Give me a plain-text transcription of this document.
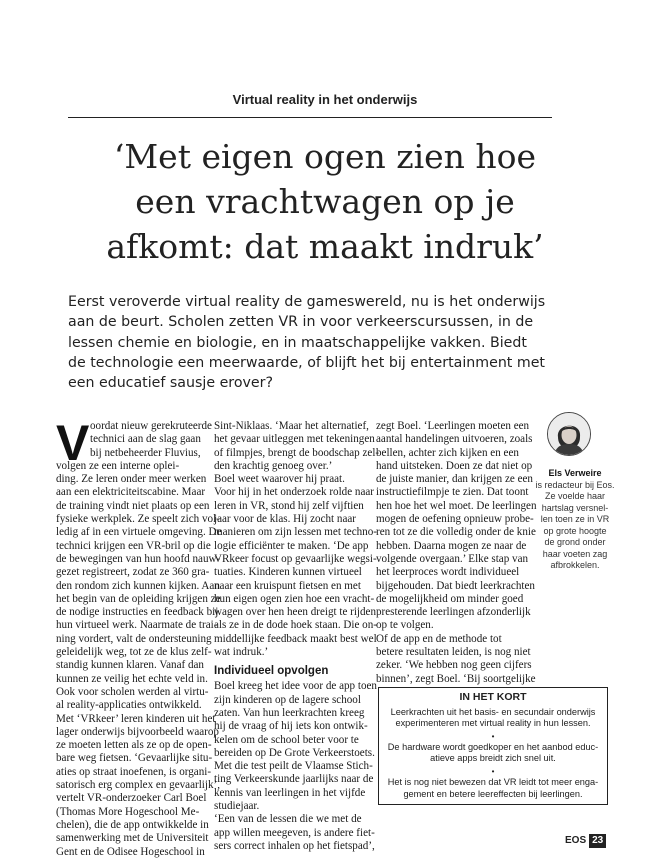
Virtual reality in het onderwijs
‘Met eigen ogen zien hoe
een vrachtwagen op je
afkomt: dat maakt indruk’
Eerst veroverde virtual reality de gameswereld, nu is het onderwijs
aan de beurt. Scholen zetten VR in voor verkeerscursussen, in de
lessen chemie en biologie, en in maatschappelijke vakken. Biedt
de technologie een meerwaarde, of blijft het bij entertainment met
een educatief sausje erover?
V oordat nieuw gerekruteerde
technici aan de slag gaan
bij netbeheerder Fluvius,
volgen ze een interne oplei-
ding. Ze leren onder meer werken
aan een elektriciteitscabine. Maar
de training vindt niet plaats op een
fysieke werkplek. Ze speelt zich vol-
ledig af in een virtuele omgeving. De
technici krijgen een VR-bril op die
de bewegingen van hun hoofd nauw-
gezet registreert, zodat ze 360 gra-
den rondom zich kunnen kijken. Aan
het begin van de opleiding krijgen ze
de nodige instructies en feedback bij
hun virtueel werk. Naarmate de trai-
ning vordert, valt de ondersteuning
geleidelijk weg, tot ze de klus zelf-
standig kunnen klaren. Vanaf dan
kunnen ze veilig het echte veld in.
Ook voor scholen werden al virtu-
al reality-applicaties ontwikkeld.
Met ‘VRkeer’ leren kinderen uit het
lager onderwijs bijvoorbeeld waarop
ze moeten letten als ze op de open-
bare weg fietsen. ‘Gevaarlijke situ-
aties op straat inoefenen, is organi-
satorisch erg complex en gevaarlijk’,
vertelt VR-onderzoeker Carl Boel
(Thomas More Hogeschool Me-
chelen), die de app ontwikkelde in
samenwerking met de Universiteit
Gent en de Odisee Hogeschool in
Sint-Niklaas. ‘Maar het alternatief,
het gevaar uitleggen met tekeningen
of filmpjes, brengt de boodschap zel-
den krachtig genoeg over.’
Boel weet waarover hij praat.
Voor hij in het onderzoek rolde naar
leren in VR, stond hij zelf vijftien
jaar voor de klas. Hij zocht naar
manieren om zijn lessen met techno-
logie efficiënter te maken. ‘De app
VRkeer focust op gevaarlijke wegsi-
tuaties. Kinderen kunnen virtueel
naar een kruispunt fietsen en met
hun eigen ogen zien hoe een vracht-
wagen over hen heen dreigt te rijden
als ze in de dode hoek staan. Die on-
middellijke feedback maakt best wel
wat indruk.’
Individueel opvolgen
Boel kreeg het idee voor de app toen
zijn kinderen op de lagere school
zaten. Van hun leerkrachten kreeg
hij de vraag of hij iets kon ontwik-
kelen om de school beter voor te
bereiden op De Grote Verkeerstoets.
Met die test peilt de Vlaamse Stich-
ting Verkeerskunde jaarlijks naar de
kennis van leerlingen in het vijfde
studiejaar.
‘Een van de lessen die we met de
app willen meegeven, is andere fiet-
sers correct inhalen op het fietspad’,
zegt Boel. ‘Leerlingen moeten een
aantal handelingen uitvoeren, zoals
bellen, achter zich kijken en een
hand uitsteken. Doen ze dat niet op
de juiste manier, dan krijgen ze een
instructiefilmpje te zien. Dat toont
hen hoe het wel moet. De leerlingen
mogen de oefening opnieuw probe-
ren tot ze die volledig onder de knie
hebben. Daarna mogen ze naar de
volgende overgaan.’ Elke stap van
het leerproces wordt individueel
bijgehouden. Dat biedt leerkrachten
de mogelijkheid om minder goed
presterende leerlingen afzonderlijk
op te volgen.
Of de app en de methode tot
betere resultaten leiden, is nog niet
zeker. ‘We hebben nog geen cijfers
binnen’, zegt Boel. ‘Bij soortgelijke
Els Verweire
is redacteur bij Eos.
Ze voelde haar
hartslag versnel-
len toen ze in VR
op grote hoogte
de grond onder
haar voeten zag
afbrokkelen.
IN HET KORT
Leerkrachten uit het basis- en secundair onderwijs
experimenteren met virtual reality in hun lessen.
•
De hardware wordt goedkoper en het aanbod educ-
atieve apps breidt zich snel uit.
•
Het is nog niet bewezen dat VR leidt tot meer enga-
gement en betere leereffecten bij leerlingen.
EOS 23
